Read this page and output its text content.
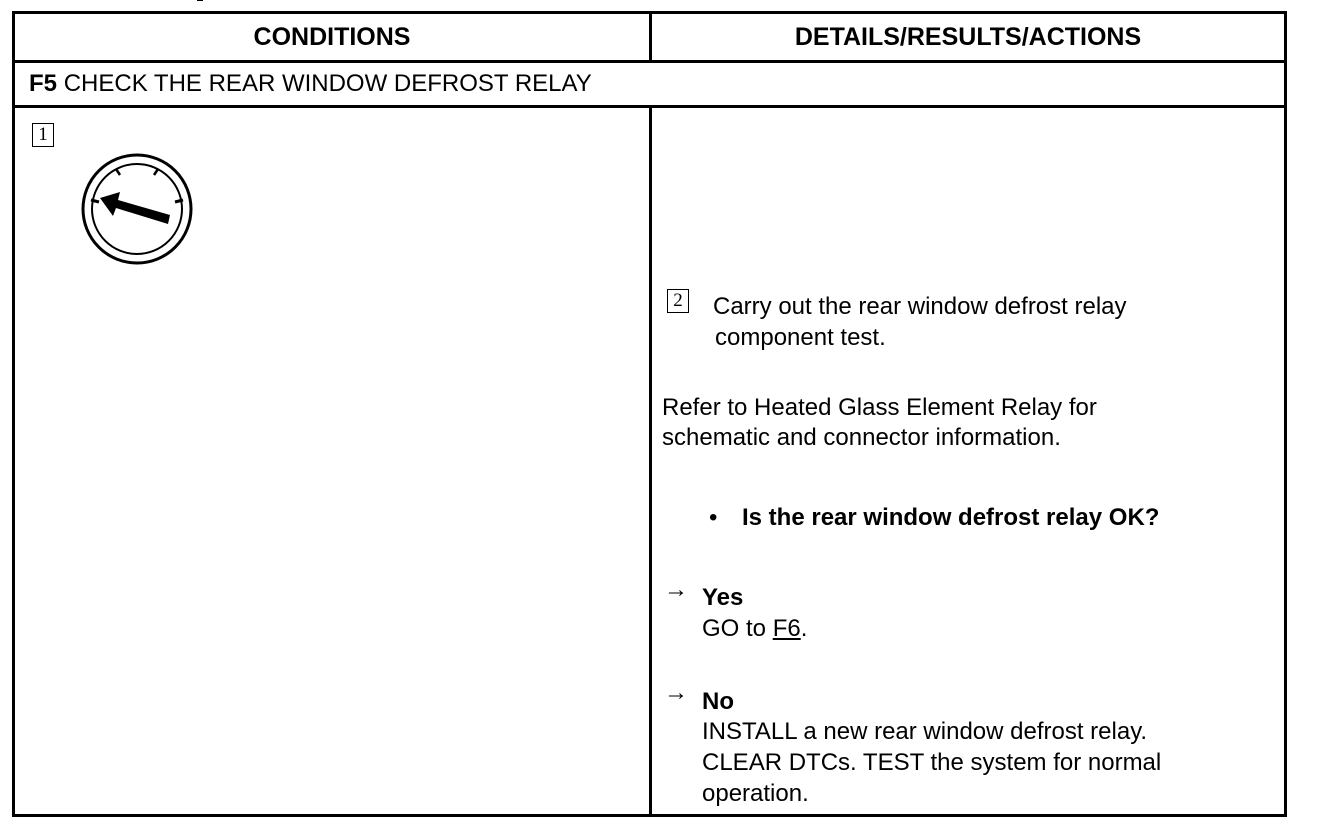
CONDITIONS	DETAILS/RESULTS/ACTIONS
F5 CHECK THE REAR WINDOW DEFROST RELAY
1
2 Carry out the rear window defrost relay
component test.
Refer to Heated Glass Element Relay for
schematic and connector information.
• Is the rear window defrost relay OK?
→ Yes
GO to F6.
→ No
INSTALL a new rear window defrost relay.
CLEAR DTCs. TEST the system for normal
operation.
